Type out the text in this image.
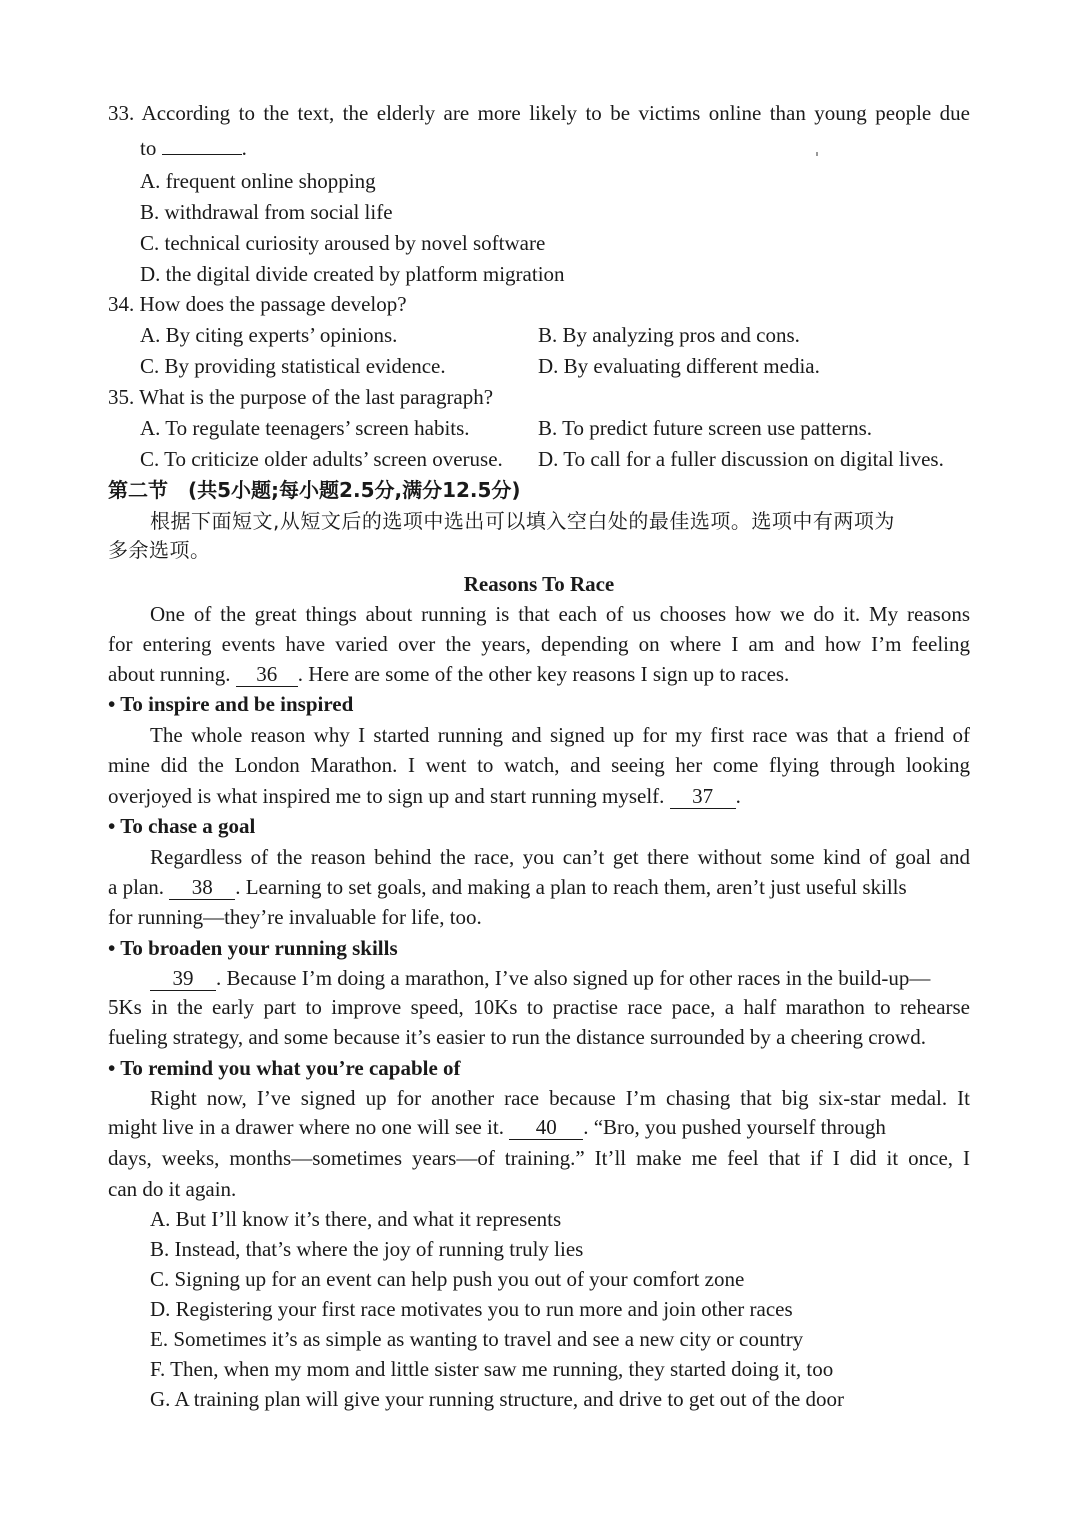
33. According to the text, the elderly are more likely to be victims online than young people due
to	.
A. frequent online shopping
B. withdrawal from social life
C. technical curiosity aroused by novel software
D. the digital divide created by platform migration
34. How does the passage develop?
A. By citing experts’ opinions.	B. By analyzing pros and cons.
C. By providing statistical evidence.	D. By evaluating different media.
35. What is the purpose of the last paragraph?
A. To regulate teenagers’ screen habits.	B. To predict future screen use patterns.
C. To criticize older adults’ screen overuse. D. To call for a fuller discussion on digital lives.
第二节　(共5小题;每小题2.5分,满分12.5分)
根据下面短文,从短文后的选项中选出可以填入空白处的最佳选项。选项中有两项为
多余选项。
Reasons To Race
One of the great things about running is that each of us chooses how we do it. My reasons
for entering events have varied over the years, depending on where I am and how I’m feeling
about running. 36 . Here are some of the other key reasons I sign up to races.
• To inspire and be inspired
The whole reason why I started running and signed up for my first race was that a friend of
mine did the London Marathon. I went to watch, and seeing her come flying through looking
overjoyed is what inspired me to sign up and start running myself. 37 .
• To chase a goal
Regardless of the reason behind the race, you can’t get there without some kind of goal and
a plan. 38 . Learning to set goals, and making a plan to reach them, aren’t just useful skills
for running—they’re invaluable for life, too.
• To broaden your running skills
39 . Because I’m doing a marathon, I’ve also signed up for other races in the build-up—
5Ks in the early part to improve speed, 10Ks to practise race pace, a half marathon to rehearse
fueling strategy, and some because it’s easier to run the distance surrounded by a cheering crowd.
• To remind you what you’re capable of
Right now, I’ve signed up for another race because I’m chasing that big six-star medal. It
might live in a drawer where no one will see it. 40 . “Bro, you pushed yourself through
days, weeks, months—sometimes years—of training.” It’ll make me feel that if I did it once, I
can do it again.
A. But I’ll know it’s there, and what it represents
B. Instead, that’s where the joy of running truly lies
C. Signing up for an event can help push you out of your comfort zone
D. Registering your first race motivates you to run more and join other races
E. Sometimes it’s as simple as wanting to travel and see a new city or country
F. Then, when my mom and little sister saw me running, they started doing it, too
G. A training plan will give your running structure, and drive to get out of the door
